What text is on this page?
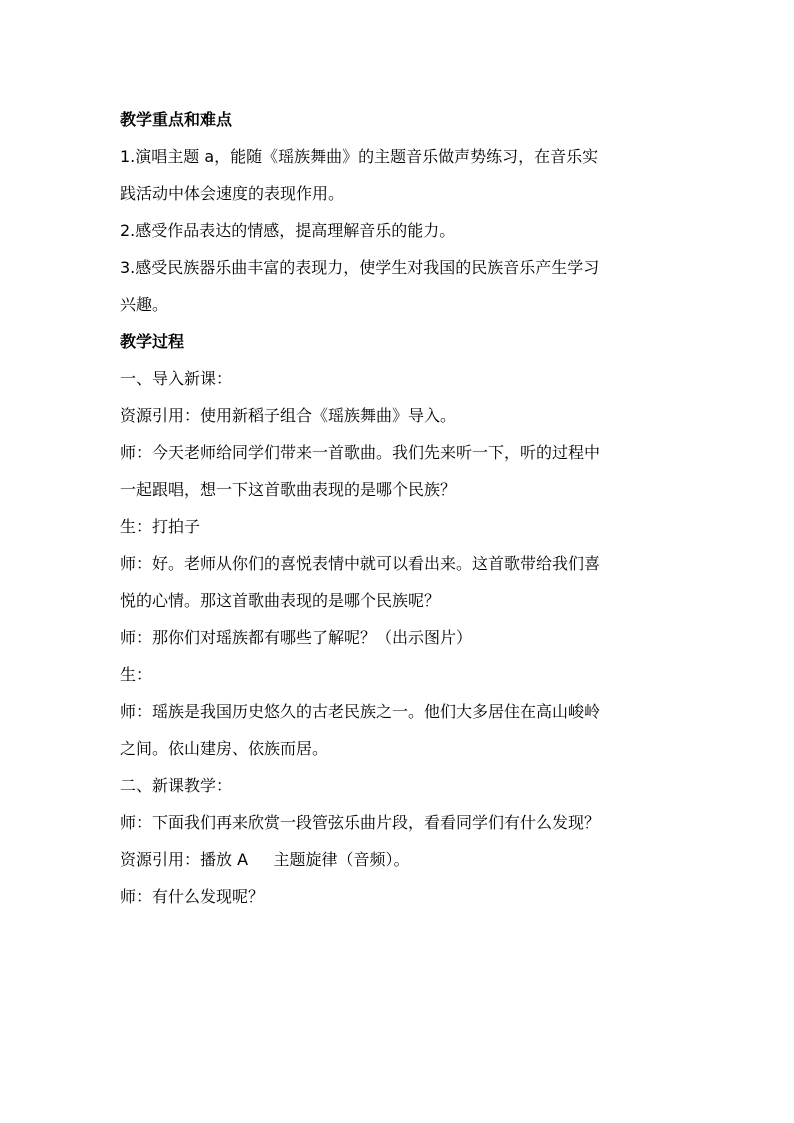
教学重点和难点

1.演唱主题 a，能随《瑶族舞曲》的主题音乐做声势练习，在音乐实

践活动中体会速度的表现作用。

2.感受作品表达的情感，提高理解音乐的能力。

3.感受民族器乐曲丰富的表现力，使学生对我国的民族音乐产生学习

兴趣。

教学过程

一、导入新课：

资源引用：使用新稻子组合《瑶族舞曲》导入。

师：今天老师给同学们带来一首歌曲。我们先来听一下，听的过程中

一起跟唱，想一下这首歌曲表现的是哪个民族？

生：打拍子

师：好。老师从你们的喜悦表情中就可以看出来。这首歌带给我们喜

悦的心情。那这首歌曲表现的是哪个民族呢？

师：那你们对瑶族都有哪些了解呢？（出示图片）

生：

师：瑶族是我国历史悠久的古老民族之一。他们大多居住在高山峻岭

之间。依山建房、依族而居。

二、新课教学：

师：下面我们再来欣赏一段管弦乐曲片段，看看同学们有什么发现？

资源引用：播放 A     主题旋律（音频）。

师：有什么发现呢？
